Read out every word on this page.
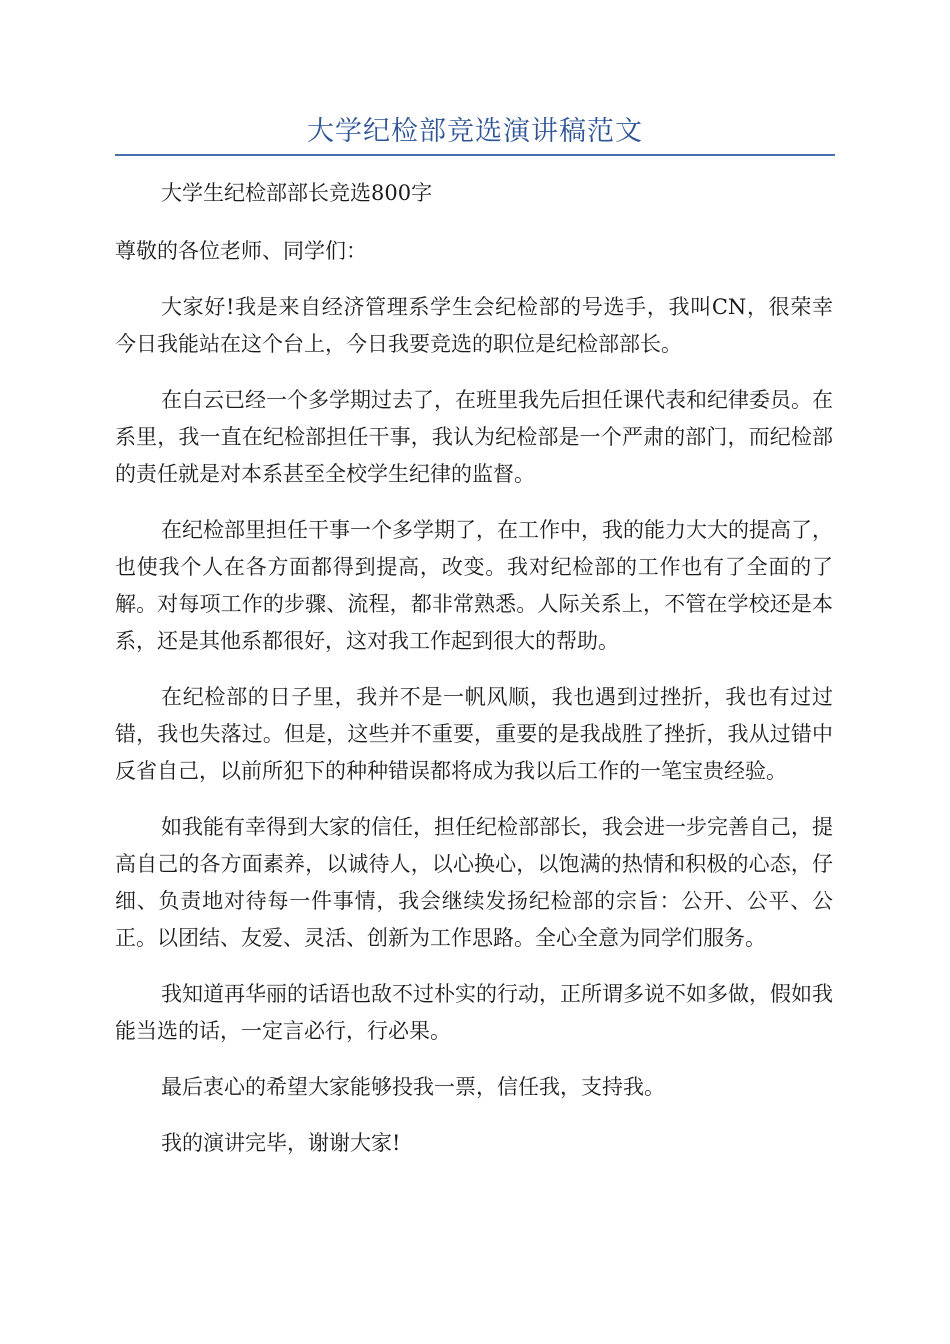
大学纪检部竞选演讲稿范文

大学生纪检部部长竞选800字

尊敬的各位老师、同学们：

大家好!我是来自经济管理系学生会纪检部的号选手，我叫CN，很荣幸今日我能站在这个台上，今日我要竞选的职位是纪检部部长。

在白云已经一个多学期过去了，在班里我先后担任课代表和纪律委员。在系里，我一直在纪检部担任干事，我认为纪检部是一个严肃的部门，而纪检部的责任就是对本系甚至全校学生纪律的监督。

在纪检部里担任干事一个多学期了，在工作中，我的能力大大的提高了，也使我个人在各方面都得到提高，改变。我对纪检部的工作也有了全面的了解。对每项工作的步骤、流程，都非常熟悉。人际关系上，不管在学校还是本系，还是其他系都很好，这对我工作起到很大的帮助。

在纪检部的日子里，我并不是一帆风顺，我也遇到过挫折，我也有过过错，我也失落过。但是，这些并不重要，重要的是我战胜了挫折，我从过错中反省自己，以前所犯下的种种错误都将成为我以后工作的一笔宝贵经验。

如我能有幸得到大家的信任，担任纪检部部长，我会进一步完善自己，提高自己的各方面素养，以诚待人，以心换心，以饱满的热情和积极的心态，仔细、负责地对待每一件事情，我会继续发扬纪检部的宗旨：公开、公平、公正。以团结、友爱、灵活、创新为工作思路。全心全意为同学们服务。

我知道再华丽的话语也敌不过朴实的行动，正所谓多说不如多做，假如我能当选的话，一定言必行，行必果。

最后衷心的希望大家能够投我一票，信任我，支持我。

我的演讲完毕，谢谢大家!
